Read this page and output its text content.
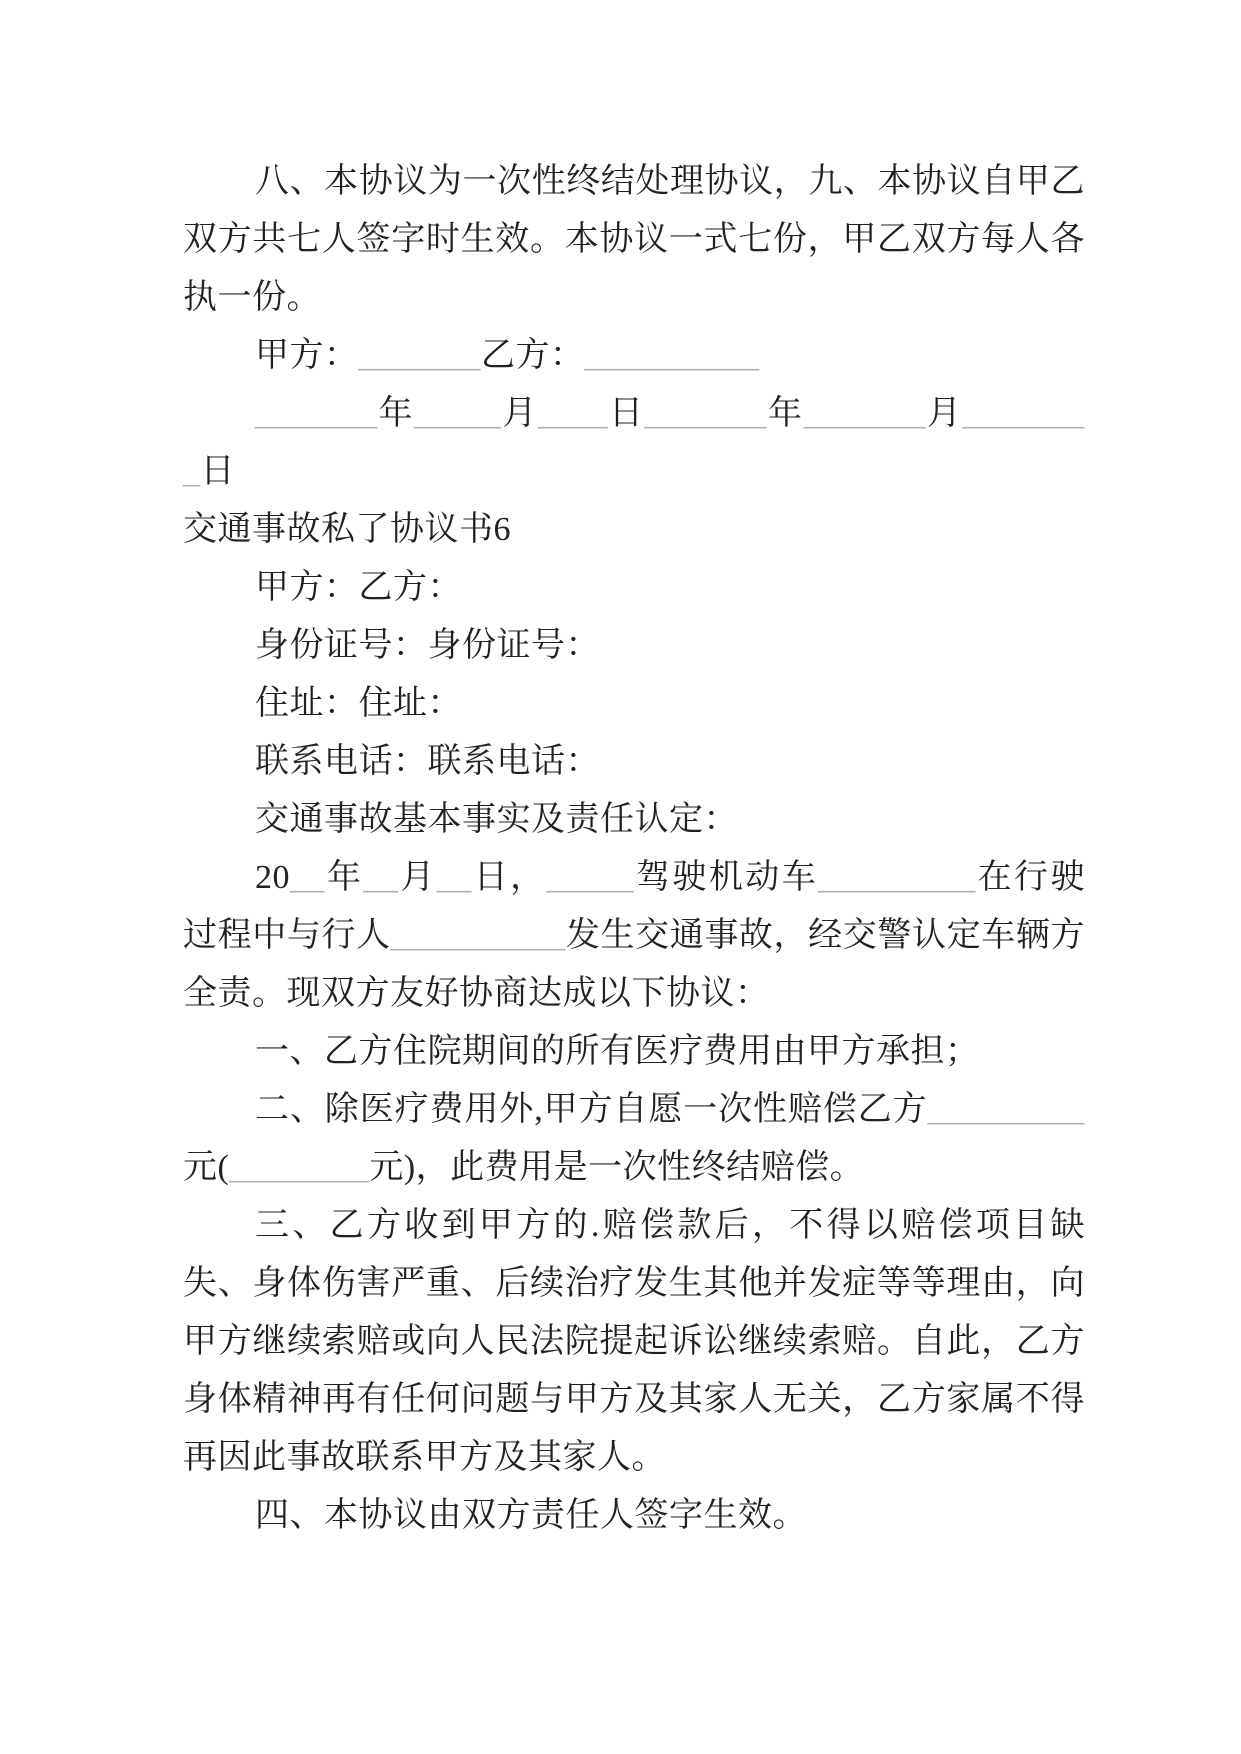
八、本协议为一次性终结处理协议，九、本协议自甲乙双方共七人签字时生效。本协议一式七份，甲乙双方每人各执一份。

甲方：_______乙方：__________

_______年_____月____日_______年_______月________日

交通事故私了协议书6

甲方：乙方：

身份证号：身份证号：

住址：住址：

联系电话：联系电话：

交通事故基本事实及责任认定：

20__年__月__日，_____驾驶机动车_________在行驶过程中与行人__________发生交通事故，经交警认定车辆方全责。现双方友好协商达成以下协议：

一、乙方住院期间的所有医疗费用由甲方承担；

二、除医疗费用外,甲方自愿一次性赔偿乙方_________元(________元)，此费用是一次性终结赔偿。

三、乙方收到甲方的.赔偿款后，不得以赔偿项目缺失、身体伤害严重、后续治疗发生其他并发症等等理由，向甲方继续索赔或向人民法院提起诉讼继续索赔。自此，乙方身体精神再有任何问题与甲方及其家人无关，乙方家属不得再因此事故联系甲方及其家人。

四、本协议由双方责任人签字生效。
